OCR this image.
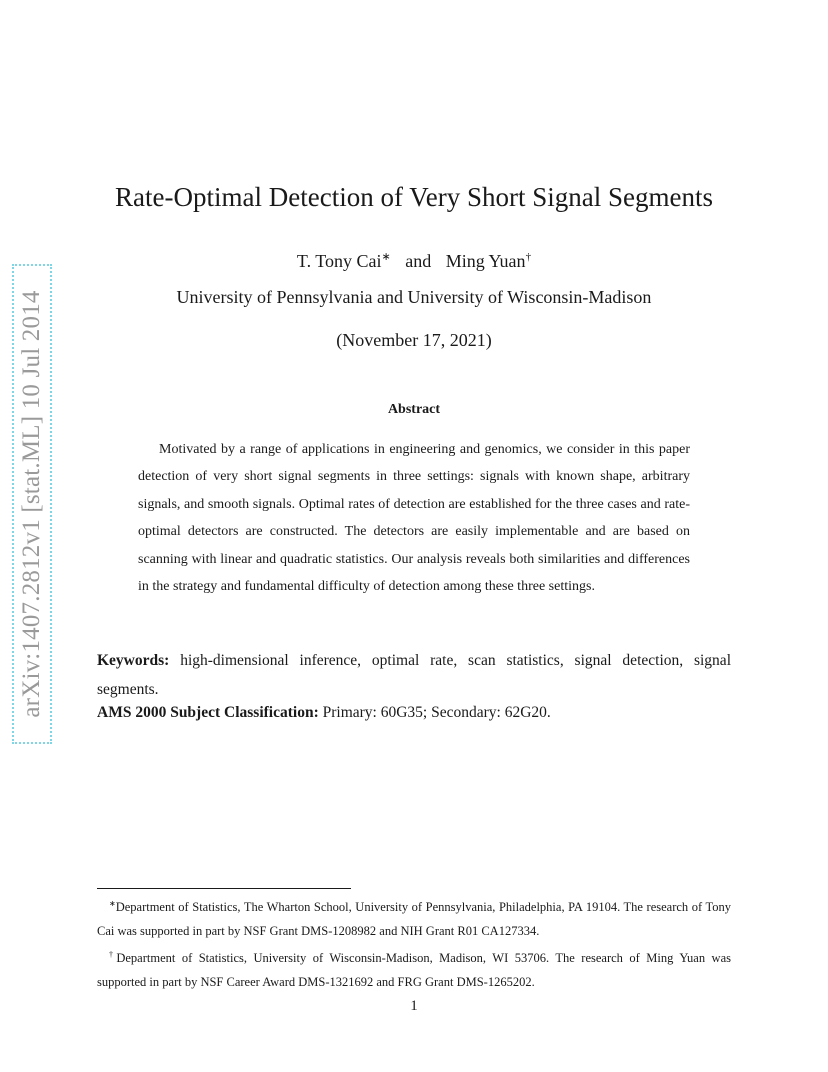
arXiv:1407.2812v1 [stat.ML] 10 Jul 2014
Rate-Optimal Detection of Very Short Signal Segments
T. Tony Cai∗ and Ming Yuan†
University of Pennsylvania and University of Wisconsin-Madison
(November 17, 2021)
Abstract

Motivated by a range of applications in engineering and genomics, we consider in this paper detection of very short signal segments in three settings: signals with known shape, arbitrary signals, and smooth signals. Optimal rates of detection are established for the three cases and rate-optimal detectors are constructed. The detectors are easily implementable and are based on scanning with linear and quadratic statistics. Our analysis reveals both similarities and differences in the strategy and fundamental difficulty of detection among these three settings.

Keywords: high-dimensional inference, optimal rate, scan statistics, signal detection, signal segments.

AMS 2000 Subject Classification: Primary: 60G35; Secondary: 62G20.

∗Department of Statistics, The Wharton School, University of Pennsylvania, Philadelphia, PA 19104. The research of Tony Cai was supported in part by NSF Grant DMS-1208982 and NIH Grant R01 CA127334.

†Department of Statistics, University of Wisconsin-Madison, Madison, WI 53706. The research of Ming Yuan was supported in part by NSF Career Award DMS-1321692 and FRG Grant DMS-1265202.

1
